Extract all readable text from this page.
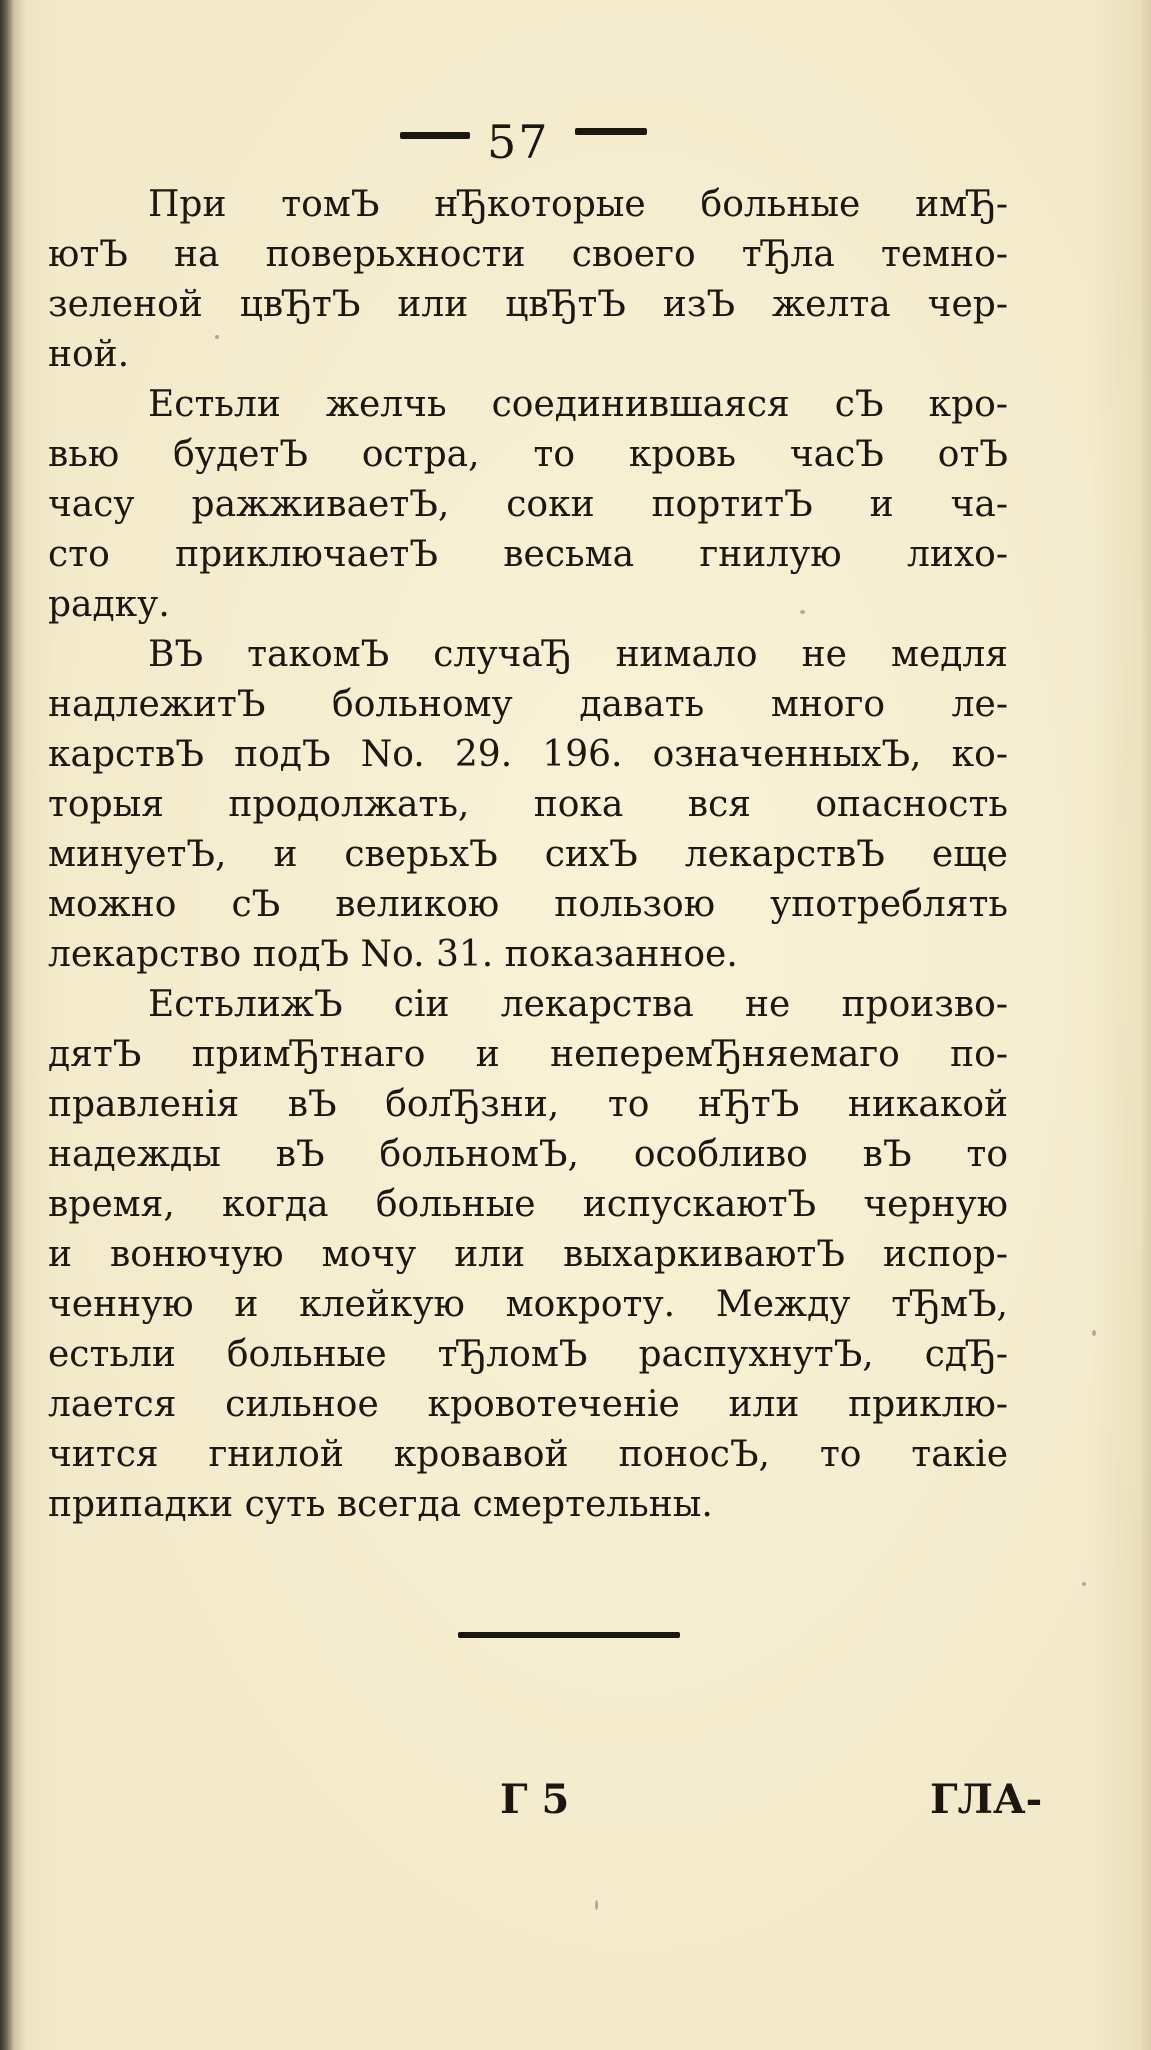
57

При томЪ нЂкоторые больные имЂ-
ютЪ на поверьхности своего тЂла темно-
зеленой цвЂтЪ или цвЂтЪ изЪ желта чер-
ной.

Естьли желчь соединившаяся сЪ кро-
вью будетЪ остра, то кровь часЪ отЪ
часу ражживаетЪ, соки портитЪ и ча-
сто приключаетЪ весьма гнилую лихо-
радку.

ВЪ такомЪ случаЂ нимало не медля
надлежитЪ больному давать много ле-
карствЪ подЪ No. 29. 196. означенныхЪ, ко-
торыя продолжать, пока вся опасность
минуетЪ, и сверьхЪ сихЪ лекарствЪ еще
можно сЪ великою пользою употреблять
лекарство подЪ No. 31. показанное.

ЕстьлижЪ сіи лекарства не произво-
дятЪ примЂтнаго и неперемЂняемаго по-
правленія вЪ болЂзни, то нЂтЪ никакой
надежды вЪ больномЪ, особливо вЪ то
время, когда больные испускаютЪ черную
и вонючую мочу или выхаркиваютЪ испор-
ченную и клейкую мокроту. Между тЂмЪ,
естьли больные тЂломЪ распухнутЪ, сдЂ-
лается сильное кровотеченіе или приклю-
чится гнилой кровавой поносЪ, то такіе
припадки суть всегда смертельны.

Г 5	ГЛА-
